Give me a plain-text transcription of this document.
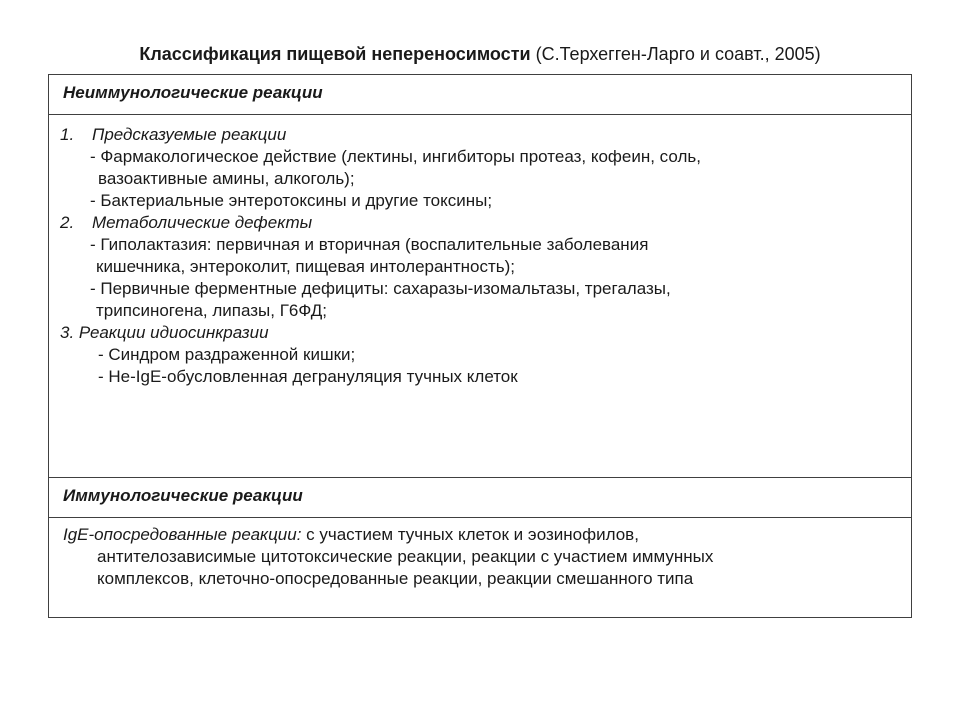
Классификация пищевой непереносимости (С.Терхегген-Ларго и соавт., 2005)
Неиммунологические реакции

1. Предсказуемые реакции
- Фармакологическое действие (лектины, ингибиторы протеаз, кофеин, соль,
вазоактивные амины, алкоголь);
- Бактериальные энтеротоксины и другие токсины;
2. Метаболические дефекты
- Гиполактазия: первичная и вторичная (воспалительные заболевания
кишечника, энтероколит, пищевая интолерантность);
- Первичные ферментные дефициты: сахаразы-изомальтазы, трегалазы,
трипсиногена, липазы, Г6ФД;
3. Реакции идиосинкразии
- Синдром раздраженной кишки;
- Не-IgE-обусловленная дегрануляция тучных клеток

Иммунологические реакции

IgE-опосредованные реакции: с участием тучных клеток и эозинофилов,
антителозависимые цитотоксические реакции, реакции с участием иммунных
комплексов, клеточно-опосредованные реакции, реакции смешанного типа
